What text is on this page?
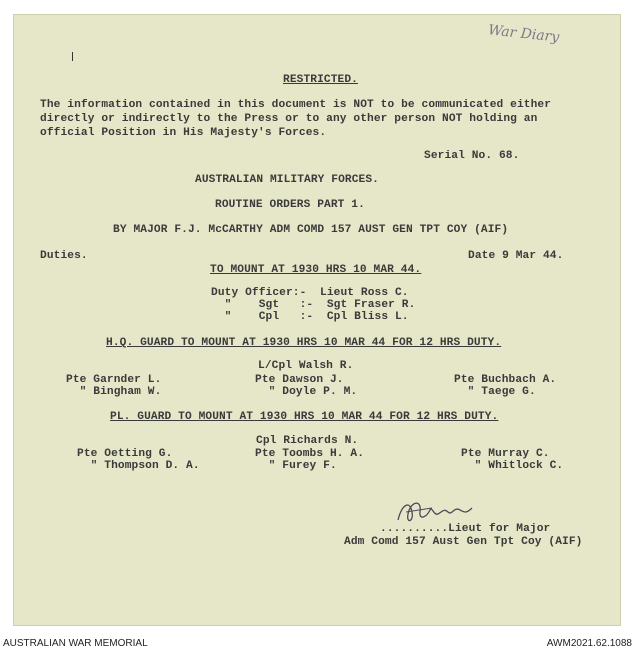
War Diary
RESTRICTED.
The information contained in this document is NOT to be communicated either
directly or indirectly to the Press or to any other person NOT holding an
official Position in His Majesty's Forces.
Serial No. 68.
AUSTRALIAN MILITARY FORCES.
ROUTINE ORDERS PART 1.
BY MAJOR F.J. McCARTHY ADM COMD 157 AUST GEN TPT COY (AIF)
Duties.	Date 9 Mar 44.
TO MOUNT AT 1930 HRS 10 MAR 44.
Duty Officer:-  Lieut Ross C.
"    Sgt   :-  Sgt Fraser R.
"    Cpl   :-  Cpl Bliss L.
H.Q. GUARD TO MOUNT AT 1930 HRS 10 MAR 44 FOR 12 HRS DUTY.
L/Cpl Walsh R.
Pte Garnder L.
" Bingham W.
Pte Dawson J.
" Doyle P. M.
Pte Buchbach A.
" Taege G.
PL. GUARD TO MOUNT AT 1930 HRS 10 MAR 44 FOR 12 HRS DUTY.
Cpl Richards N.
Pte Oetting G.
" Thompson D. A.
Pte Toombs H. A.
" Furey F.
Pte Murray C.
" Whitlock C.
..........Lieut for Major
Adm Comd 157 Aust Gen Tpt Coy (AIF)
AUSTRALIAN WAR MEMORIAL	AWM2021.62.1088
